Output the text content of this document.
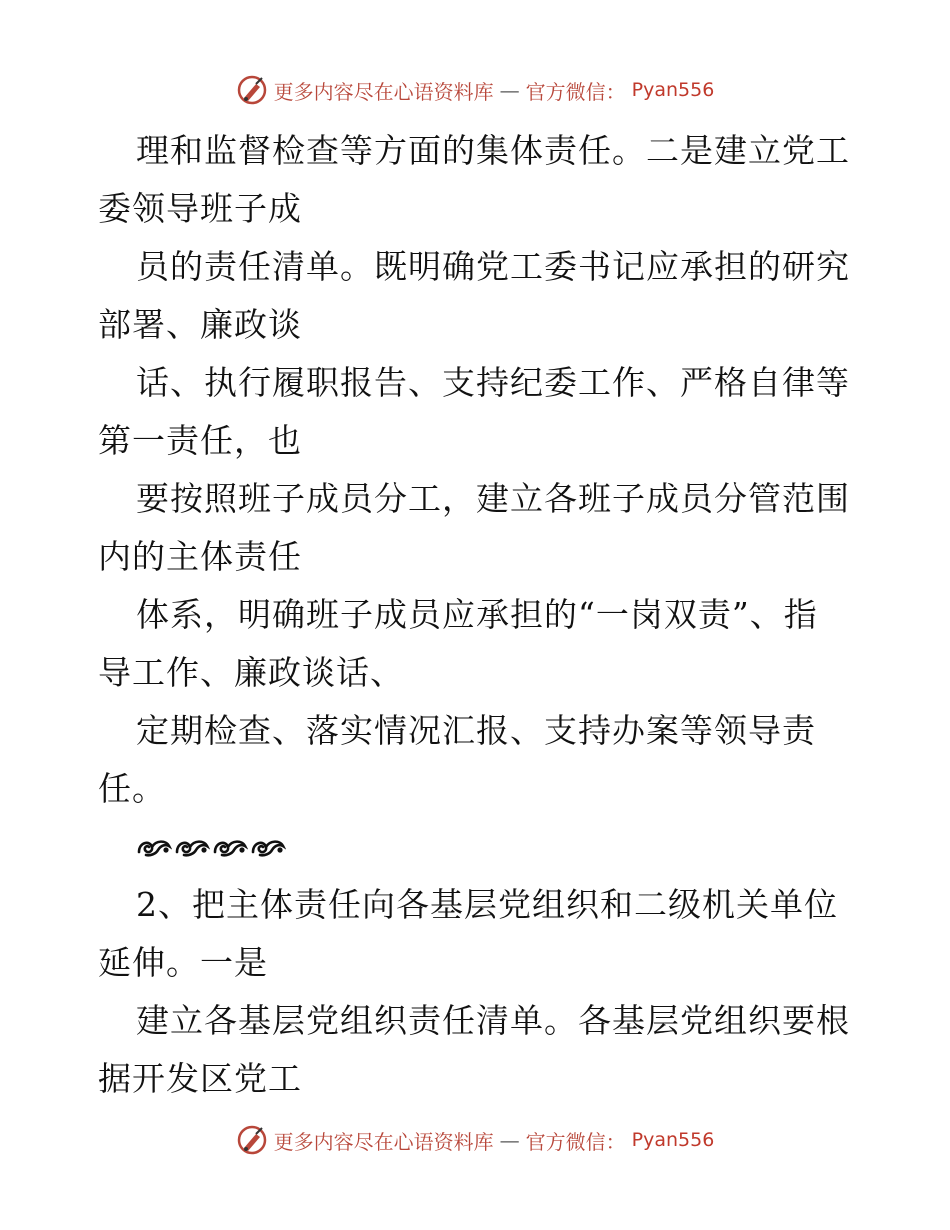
更多内容尽在心语资料库 — 官方微信： Pyan556
理和监督检查等方面的集体责任。二是建立党工
委领导班子成
员的责任清单。既明确党工委书记应承担的研究
部署、廉政谈
话、执行履职报告、支持纪委工作、严格自律等
第一责任，也
要按照班子成员分工，建立各班子成员分管范围
内的主体责任
体系，明确班子成员应承担的“一岗双责”、指
导工作、廉政谈话、
定期检查、落实情况汇报、支持办案等领导责
任。
2、把主体责任向各基层党组织和二级机关单位
延伸。一是
建立各基层党组织责任清单。各基层党组织要根
据开发区党工
更多内容尽在心语资料库 — 官方微信： Pyan556
